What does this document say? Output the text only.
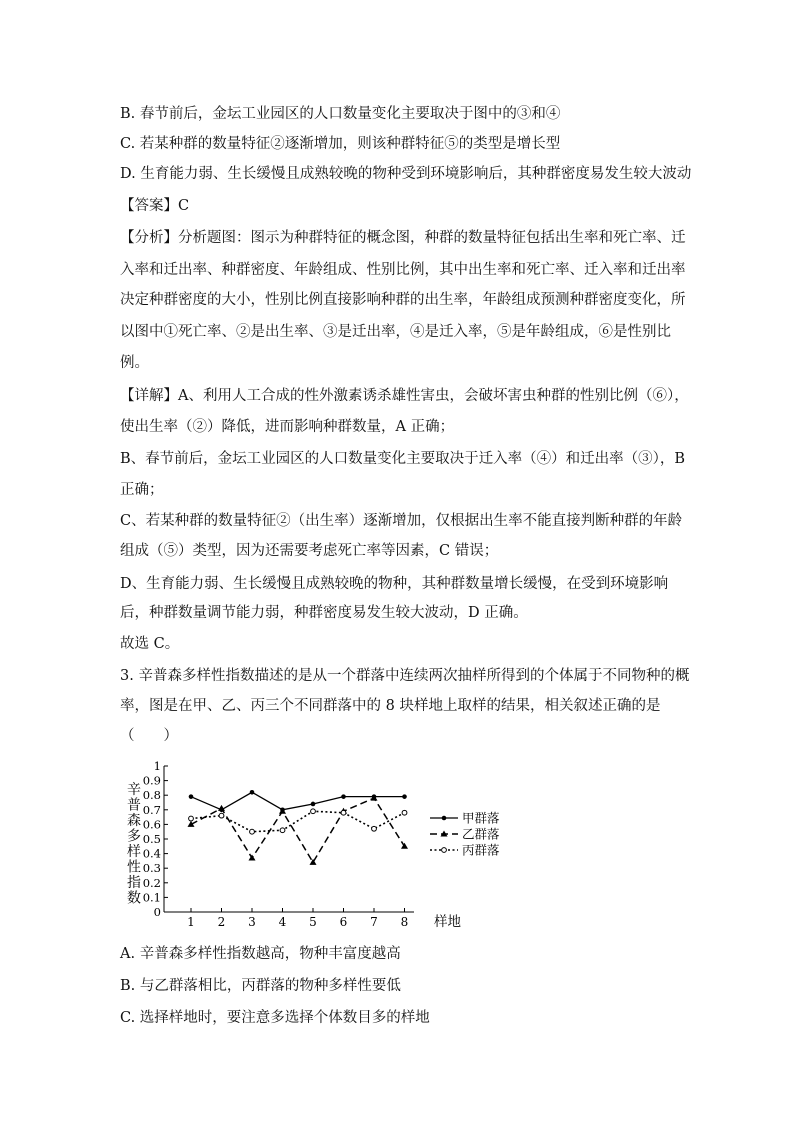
B. 春节前后，金坛工业园区的人口数量变化主要取决于图中的③和④
C. 若某种群的数量特征②逐渐增加，则该种群特征⑤的类型是增长型
D. 生育能力弱、生长缓慢且成熟较晚的物种受到环境影响后，其种群密度易发生较大波动
【答案】C
【分析】分析题图：图示为种群特征的概念图，种群的数量特征包括出生率和死亡率、迁
入率和迁出率、种群密度、年龄组成、性别比例，其中出生率和死亡率、迁入率和迁出率
决定种群密度的大小，性别比例直接影响种群的出生率，年龄组成预测种群密度变化，所
以图中①死亡率、②是出生率、③是迁出率，④是迁入率，⑤是年龄组成，⑥是性别比
例。
【详解】A、利用人工合成的性外激素诱杀雄性害虫，会破坏害虫种群的性别比例（⑥），
使出生率（②）降低，进而影响种群数量，A 正确；
B、春节前后，金坛工业园区的人口数量变化主要取决于迁入率（④）和迁出率（③），B
正确；
C、若某种群的数量特征②（出生率）逐渐增加，仅根据出生率不能直接判断种群的年龄
组成（⑤）类型，因为还需要考虑死亡率等因素，C 错误；
D、生育能力弱、生长缓慢且成熟较晚的物种，其种群数量增长缓慢，在受到环境影响
后，种群数量调节能力弱，种群密度易发生较大波动，D 正确。
故选 C。
3. 辛普森多样性指数描述的是从一个群落中连续两次抽样所得到的个体属于不同物种的概
率，图是在甲、乙、丙三个不同群落中的 8 块样地上取样的结果，相关叙述正确的是
（　　）
0
0.1
0.2
0.3
0.4
0.5
0.6
0.7
0.8
0.9
1
1 2 3 4 5 6 7 8 样地
辛
普
森
多
样
性
指
数
甲群落
乙群落
丙群落
A. 辛普森多样性指数越高，物种丰富度越高
B. 与乙群落相比，丙群落的物种多样性要低
C. 选择样地时，要注意多选择个体数目多的样地
